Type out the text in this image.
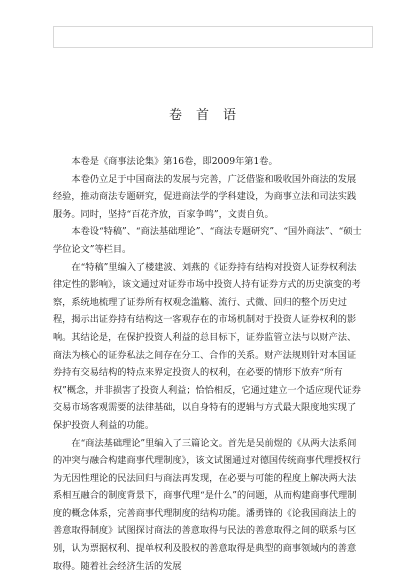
卷首语

本卷是《商事法论集》第16卷，即2009年第1卷。

本卷仍立足于中国商法的发展与完善，广泛借鉴和吸收国外商法的发展经验，推动商法专题研究，促进商法学的学科建设，为商事立法和司法实践服务。同时，坚持“百花齐放，百家争鸣”，文责自负。

本卷设“特稿”、“商法基础理论”、“商法专题研究”、“国外商法”、“硕士学位论文”等栏目。

在“特稿”里编入了楼建波、刘燕的《证券持有结构对投资人证券权利法律定性的影响》，该文通过对证券市场中投资人持有证券方式的历史演变的考察，系统地梳理了证券所有权观念滥觞、流行、式微、回归的整个历史过程，揭示出证券持有结构这一客观存在的市场机制对于投资人证券权利的影响。其结论是，在保护投资人利益的总目标下，证券监管立法与以财产法、商法为核心的证券私法之间存在分工、合作的关系。财产法规则针对本国证券持有交易结构的特点来界定投资人的权利，在必要的情形下放弃“所有权”概念，并非损害了投资人利益；恰恰相反，它通过建立一个适应现代证券交易市场客观需要的法律基础，以自身特有的逻辑与方式最大限度地实现了保护投资人利益的功能。

在“商法基础理论”里编入了三篇论文。首先是吴前煜的《从两大法系间的冲突与融合构建商事代理制度》，该文试图通过对德国传统商事代理授权行为无因性理论的民法回归与商法再发现，在必要与可能的程度上解决两大法系相互融合的制度背景下，商事代理“是什么”的问题，从而构建商事代理制度的概念体系，完善商事代理制度的结构功能。潘勇锋的《论我国商法上的善意取得制度》试图探讨商法的善意取得与民法的善意取得之间的联系与区别，认为票据权利、提单权利及股权的善意取得是典型的商事领域内的善意取得。随着社会经济生活的发展
